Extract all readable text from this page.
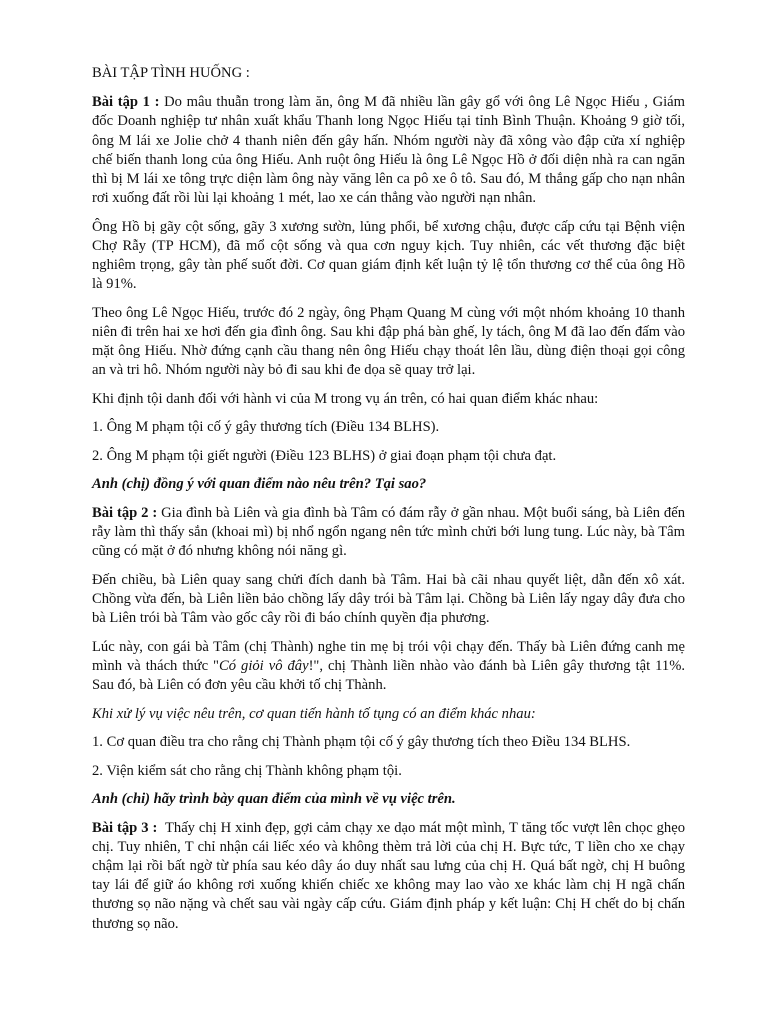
BÀI TẬP TÌNH HUỐNG :

Bài tập 1 : Do mâu thuẫn trong làm ăn, ông M đã nhiều lần gây gổ với ông Lê Ngọc Hiếu , Giám đốc Doanh nghiệp tư nhân xuất khẩu Thanh long Ngọc Hiếu tại tỉnh Bình Thuận. Khoảng 9 giờ tối, ông M lái xe Jolie chở 4 thanh niên đến gây hấn. Nhóm người này đã xông vào đập cửa xí nghiệp chế biến thanh long của ông Hiếu. Anh ruột ông Hiếu là ông Lê Ngọc Hồ ở đối diện nhà ra can ngăn thì bị M lái xe tông trực diện làm ông này văng lên ca pô xe ô tô. Sau đó, M thắng gấp cho nạn nhân rơi xuống đất rồi lùi lại khoảng 1 mét, lao xe cán thẳng vào người nạn nhân.

Ông Hồ bị gãy cột sống, gãy 3 xương sườn, lủng phổi, bể xương chậu, được cấp cứu tại Bệnh viện Chợ Rẫy (TP HCM), đã mổ cột sống và qua cơn nguy kịch. Tuy nhiên, các vết thương đặc biệt nghiêm trọng, gây tàn phế suốt đời. Cơ quan giám định kết luận tỷ lệ tổn thương cơ thể của ông Hồ là 91%.

Theo ông Lê Ngọc Hiếu, trước đó 2 ngày, ông Phạm Quang M cùng với một nhóm khoảng 10 thanh niên đi trên hai xe hơi đến gia đình ông. Sau khi đập phá bàn ghế, ly tách, ông M đã lao đến đấm vào mặt ông Hiếu. Nhờ đứng cạnh cầu thang nên ông Hiếu chạy thoát lên lầu, dùng điện thoại gọi công an và tri hô. Nhóm người này bỏ đi sau khi đe dọa sẽ quay trở lại.

Khi định tội danh đối với hành vi của M trong vụ án trên, có hai quan điểm khác nhau:

1. Ông M phạm tội cố ý gây thương tích (Điều 134 BLHS).

2. Ông M phạm tội giết người (Điều 123 BLHS) ở giai đoạn phạm tội chưa đạt.

Anh (chị) đồng ý với quan điểm nào nêu trên? Tại sao?

Bài tập 2 : Gia đình bà Liên và gia đình bà Tâm có đám rẫy ở gần nhau. Một buổi sáng, bà Liên đến rẫy làm thì thấy sắn (khoai mì) bị nhổ ngổn ngang nên tức mình chửi bới lung tung. Lúc này, bà Tâm cũng có mặt ở đó nhưng không nói năng gì.

Đến chiều, bà Liên quay sang chửi đích danh bà Tâm. Hai bà cãi nhau quyết liệt, dẫn đến xô xát. Chồng vừa đến, bà Liên liền bảo chồng lấy dây trói bà Tâm lại. Chồng bà Liên lấy ngay dây đưa cho bà Liên trói bà Tâm vào gốc cây rồi đi báo chính quyền địa phương.

Lúc này, con gái bà Tâm (chị Thành) nghe tin mẹ bị trói vội chạy đến. Thấy bà Liên đứng canh mẹ mình và thách thức "Có giỏi vô đây!", chị Thành liền nhào vào đánh bà Liên gây thương tật 11%. Sau đó, bà Liên có đơn yêu cầu khởi tố chị Thành.

Khi xử lý vụ việc nêu trên, cơ quan tiến hành tố tụng có an điểm khác nhau:

1. Cơ quan điều tra cho rằng chị Thành phạm tội cố ý gây thương tích theo Điều 134 BLHS.

2. Viện kiểm sát cho rằng chị Thành không phạm tội.

Anh (chi) hãy trình bày quan điểm của mình về vụ việc trên.

Bài tập 3 :  Thấy chị H xinh đẹp, gợi cảm chạy xe dạo mát một mình, T tăng tốc vượt lên chọc ghẹo chị. Tuy nhiên, T chỉ nhận cái liếc xéo và không thèm trả lời của chị H. Bực tức, T liền cho xe chạy chậm lại rồi bất ngờ từ phía sau kéo dây áo duy nhất sau lưng của chị H. Quá bất ngờ, chị H buông tay lái để giữ áo không rơi xuống khiến chiếc xe không may lao vào xe khác làm chị H ngã chấn thương sọ não nặng và chết sau vài ngày cấp cứu. Giám định pháp y kết luận: Chị H chết do bị chấn thương sọ não.
